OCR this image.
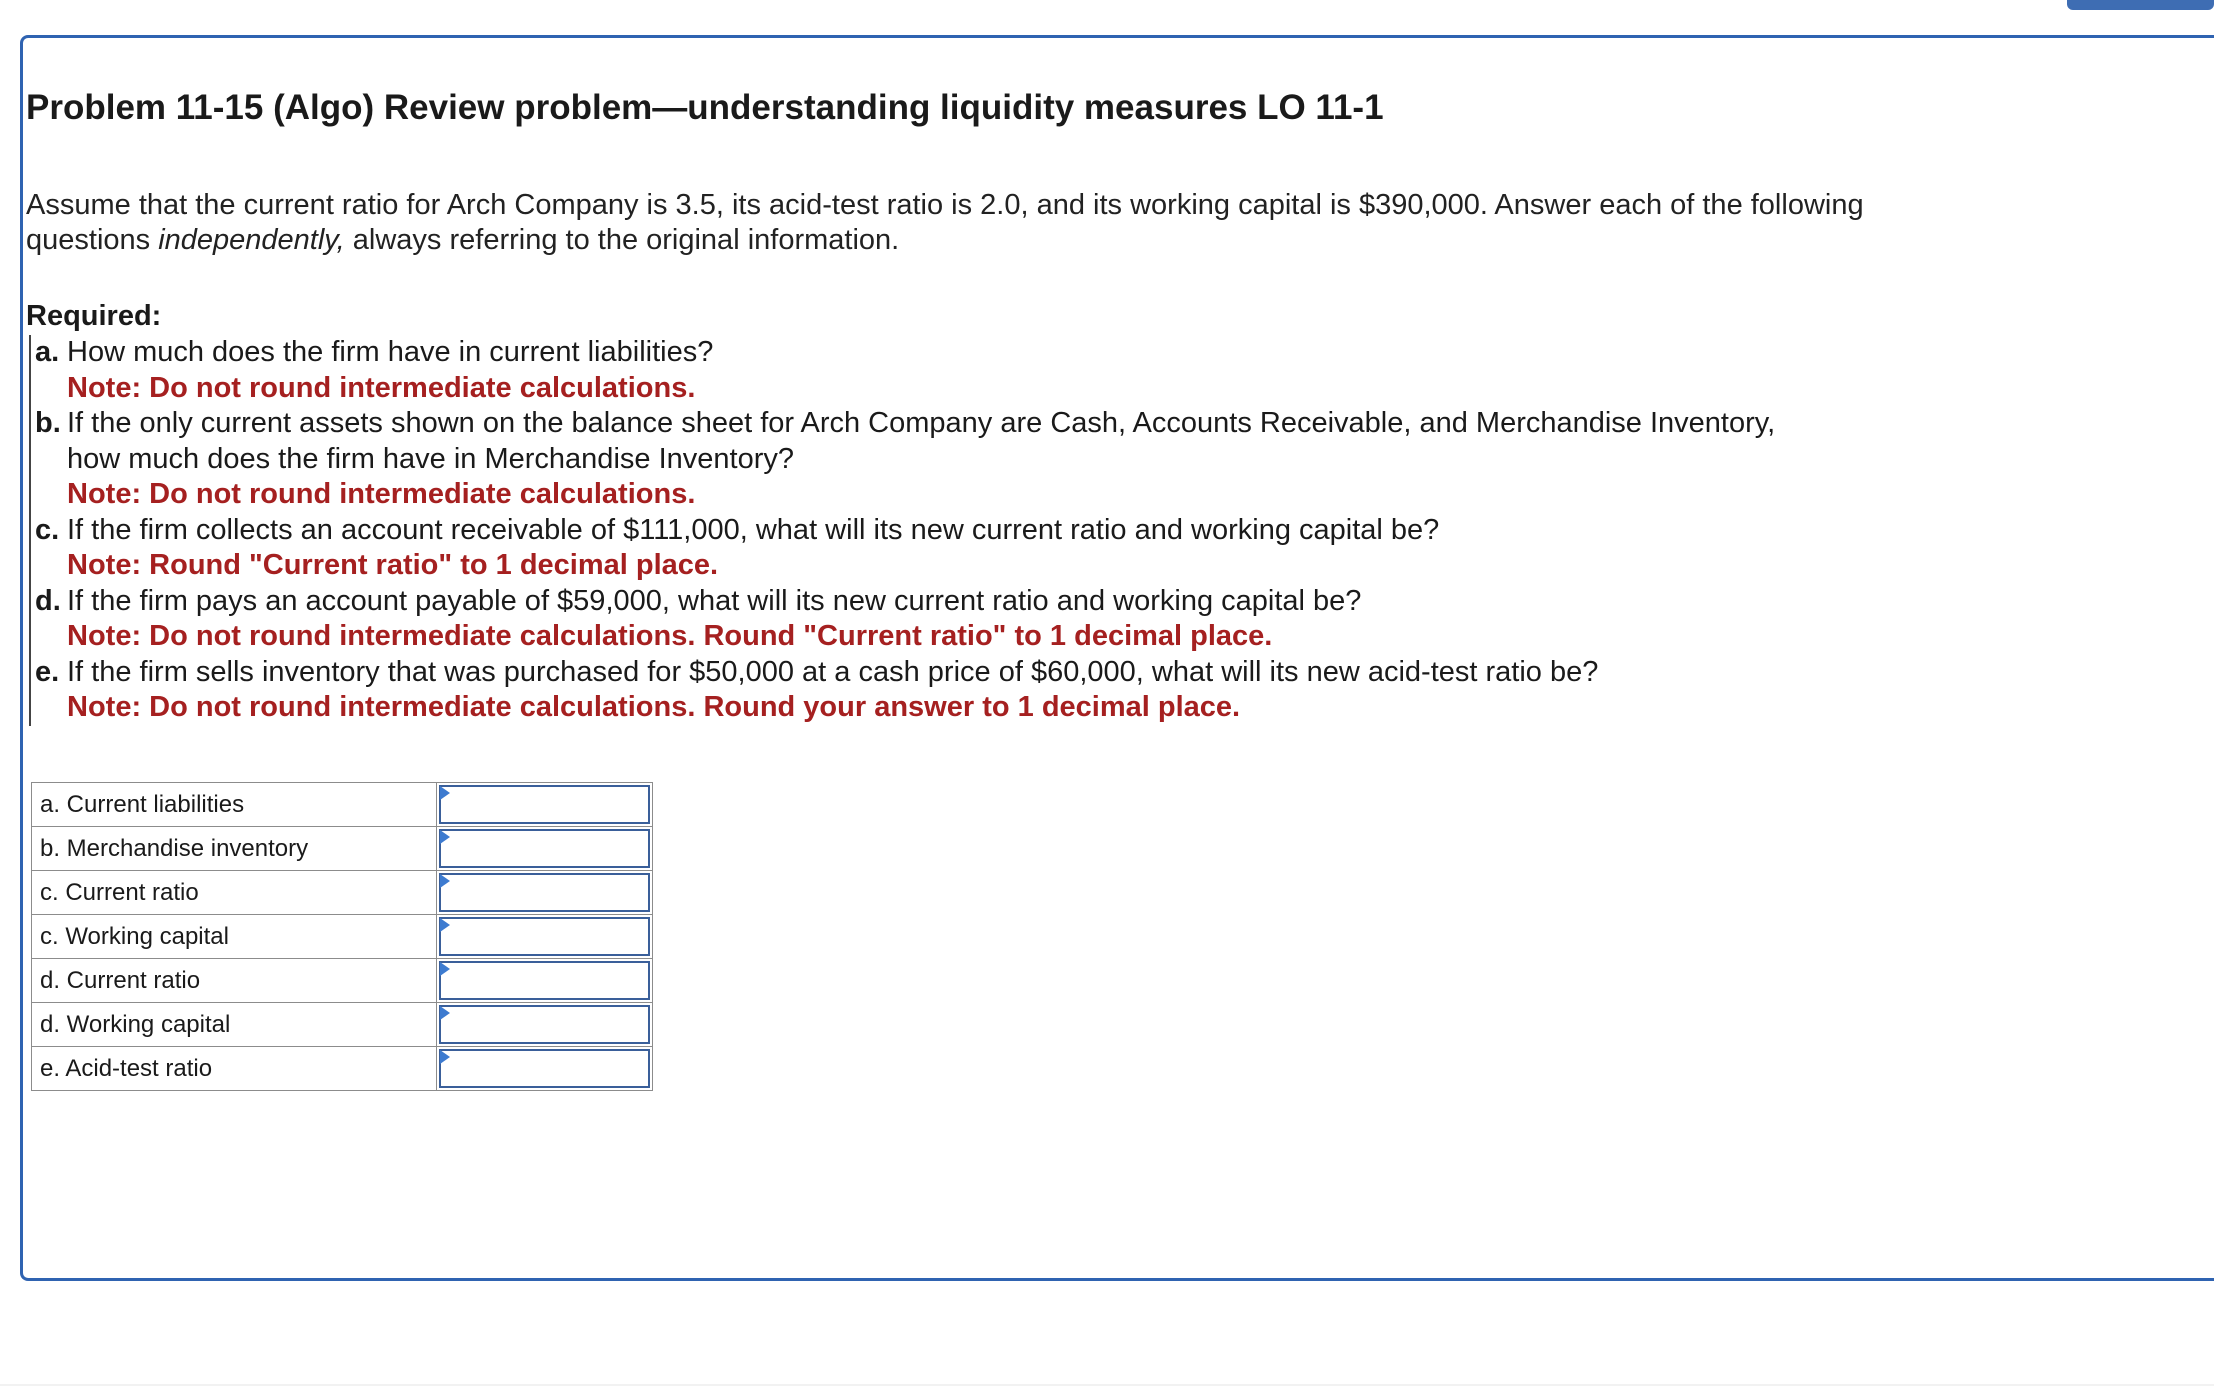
Problem 11-15 (Algo) Review problem—understanding liquidity measures LO 11-1
Assume that the current ratio for Arch Company is 3.5, its acid-test ratio is 2.0, and its working capital is $390,000. Answer each of the following questions independently, always referring to the original information.
Required:
a. How much does the firm have in current liabilities?
Note: Do not round intermediate calculations.
b. If the only current assets shown on the balance sheet for Arch Company are Cash, Accounts Receivable, and Merchandise Inventory, how much does the firm have in Merchandise Inventory?
Note: Do not round intermediate calculations.
c. If the firm collects an account receivable of $111,000, what will its new current ratio and working capital be?
Note: Round "Current ratio" to 1 decimal place.
d. If the firm pays an account payable of $59,000, what will its new current ratio and working capital be?
Note: Do not round intermediate calculations. Round "Current ratio" to 1 decimal place.
e. If the firm sells inventory that was purchased for $50,000 at a cash price of $60,000, what will its new acid-test ratio be?
Note: Do not round intermediate calculations. Round your answer to 1 decimal place.
a. Current liabilities	

b. Merchandise inventory	

c. Current ratio	

c. Working capital	

d. Current ratio	

d. Working capital	

e. Acid-test ratio	
